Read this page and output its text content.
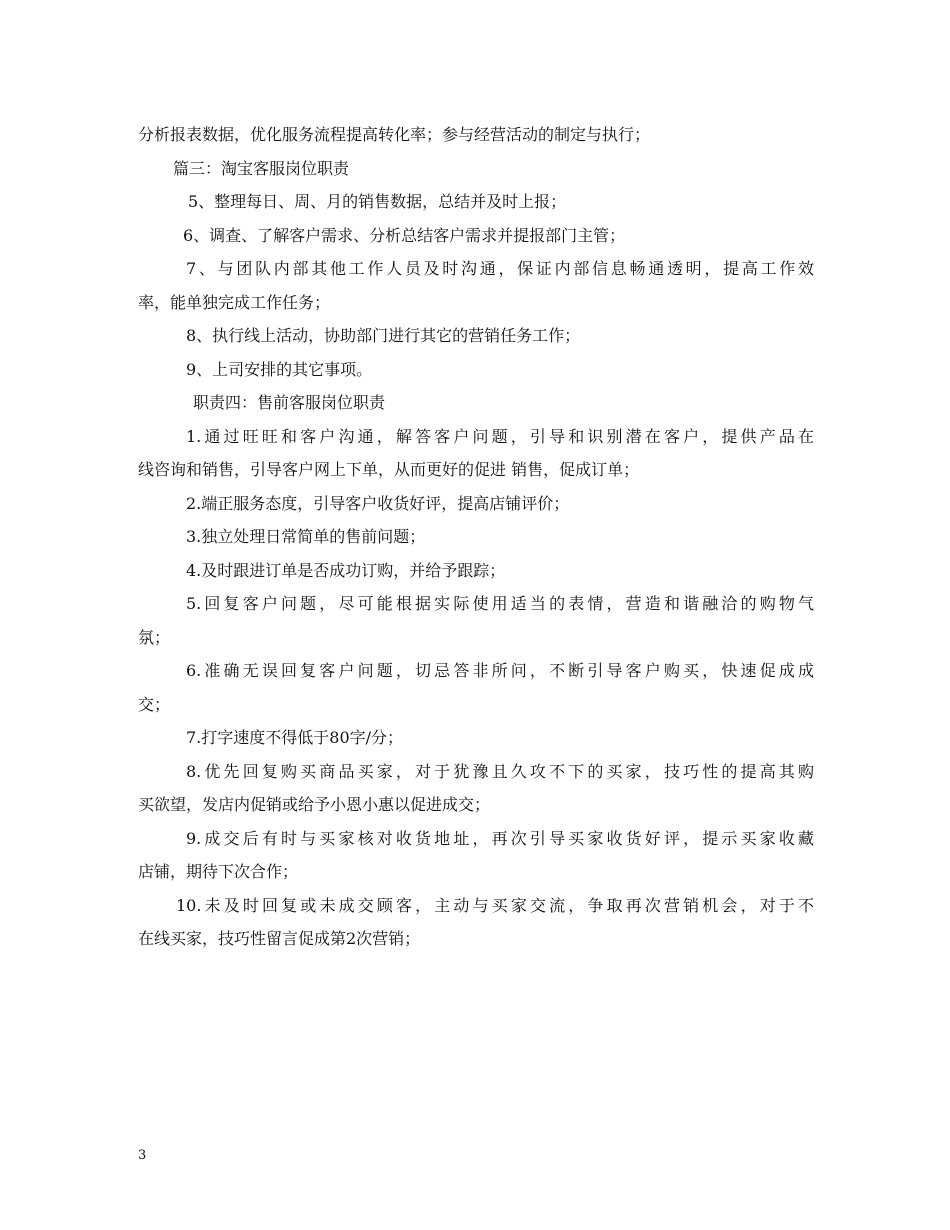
分析报表数据，优化服务流程提高转化率；参与经营活动的制定与执行；
篇三：淘宝客服岗位职责
5、整理每日、周、月的销售数据，总结并及时上报；
6、调查、了解客户需求、分析总结客户需求并提报部门主管；
7、与团队内部其他工作人员及时沟通，保证内部信息畅通透明，提高工作效
率，能单独完成工作任务；
8、执行线上活动，协助部门进行其它的营销任务工作；
9、上司安排的其它事项。
职责四：售前客服岗位职责
1.通过旺旺和客户沟通，解答客户问题，引导和识别潜在客户，提供产品在
线咨询和销售，引导客户网上下单，从而更好的促进 销售，促成订单；
2.端正服务态度，引导客户收货好评，提高店铺评价；
3.独立处理日常简单的售前问题；
4.及时跟进订单是否成功订购，并给予跟踪；
5.回复客户问题，尽可能根据实际使用适当的表情，营造和谐融洽的购物气
氛；
6.准确无误回复客户问题，切忌答非所问，不断引导客户购买，快速促成成
交；
7.打字速度不得低于80字/分；
8.优先回复购买商品买家，对于犹豫且久攻不下的买家，技巧性的提高其购
买欲望，发店内促销或给予小恩小惠以促进成交；
9.成交后有时与买家核对收货地址，再次引导买家收货好评，提示买家收藏
店铺，期待下次合作；
10.未及时回复或未成交顾客，主动与买家交流，争取再次营销机会，对于不
在线买家，技巧性留言促成第2次营销；
3
